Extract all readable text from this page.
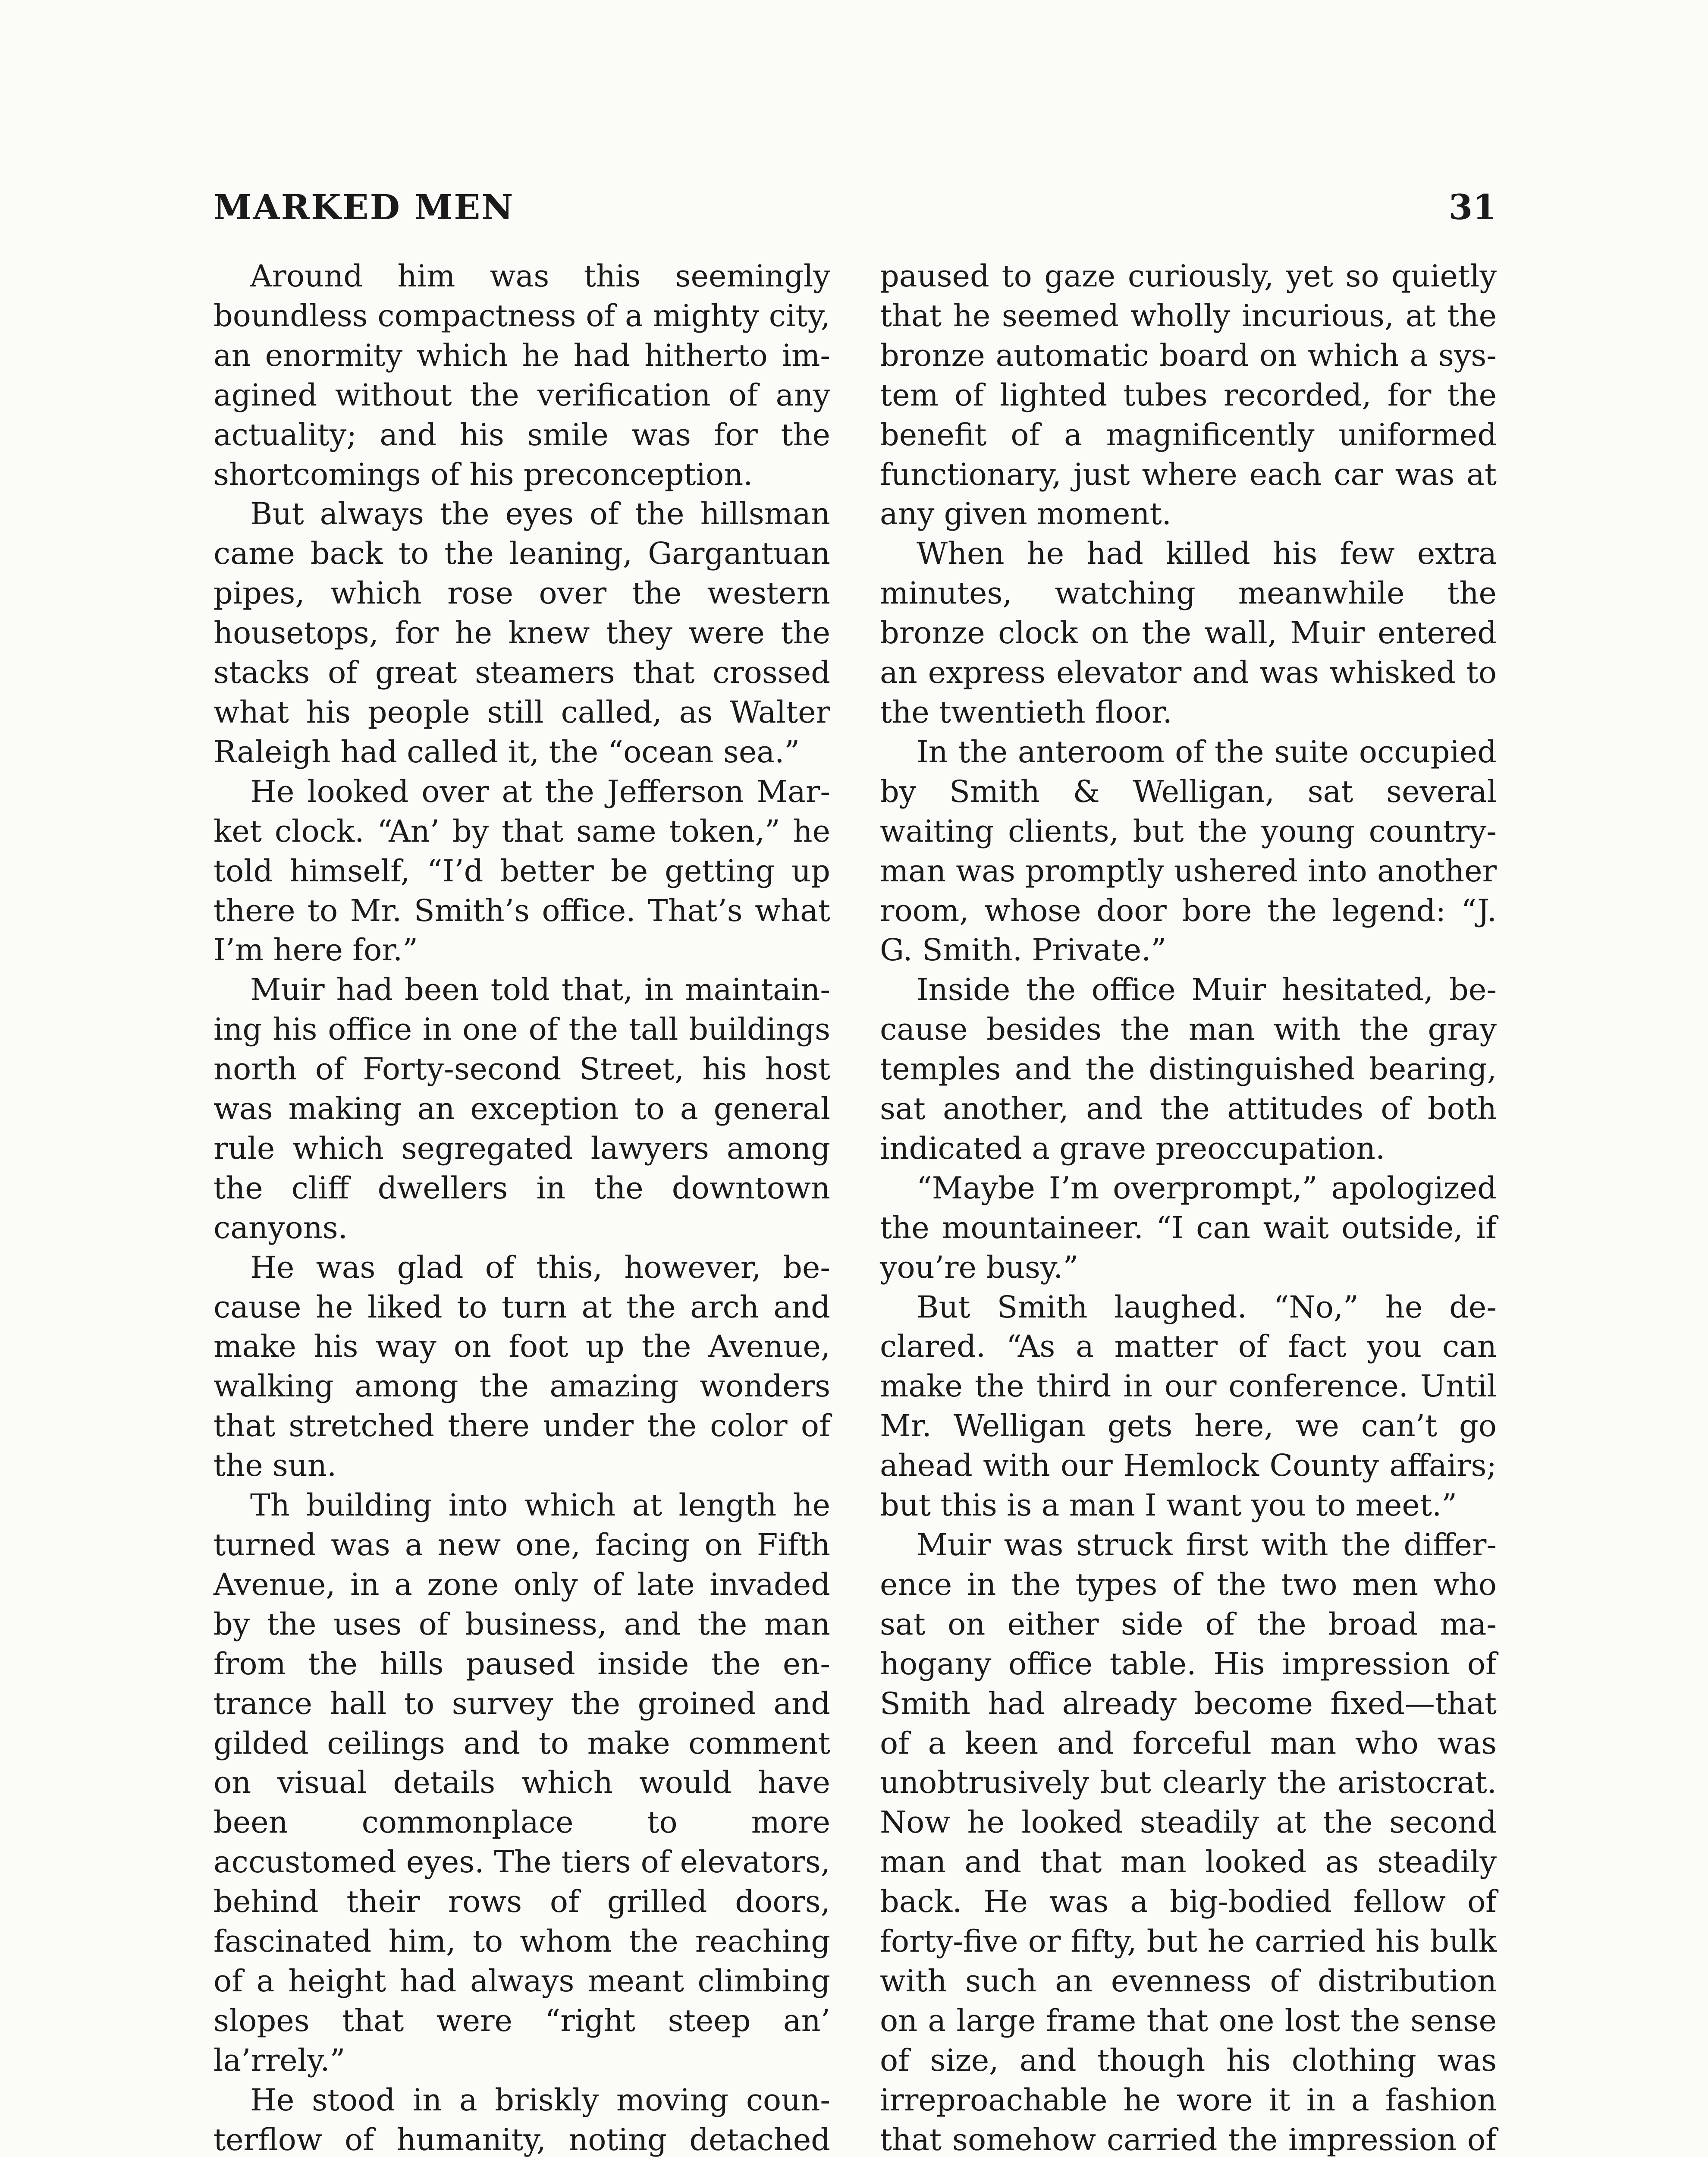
MARKED MEN	31

Around him was this seemingly boundless compactness of a mighty city, an enormity which he had hitherto imagined without the verification of any actuality; and his smile was for the shortcomings of his preconception.

But always the eyes of the hillsman came back to the leaning, Gargantuan pipes, which rose over the western housetops, for he knew they were the stacks of great steamers that crossed what his people still called, as Walter Raleigh had called it, the “ocean sea.”

He looked over at the Jefferson Market clock. “An’ by that same token,” he told himself, “I’d better be getting up there to Mr. Smith’s office. That’s what I’m here for.”

Muir had been told that, in maintaining his office in one of the tall buildings north of Forty-second Street, his host was making an exception to a general rule which segregated lawyers among the cliff dwellers in the downtown canyons.

He was glad of this, however, because he liked to turn at the arch and make his way on foot up the Avenue, walking among the amazing wonders that stretched there under the color of the sun.

Th building into which at length he turned was a new one, facing on Fifth Avenue, in a zone only of late invaded by the uses of business, and the man from the hills paused inside the entrance hall to survey the groined and gilded ceilings and to make comment on visual details which would have been commonplace to more accustomed eyes. The tiers of elevators, behind their rows of grilled doors, fascinated him, to whom the reaching of a height had always meant climbing slopes that were “right steep an’ la’rrely.”

He stood in a briskly moving counterflow of humanity, noting detached

paused to gaze curiously, yet so quietly that he seemed wholly incurious, at the bronze automatic board on which a system of lighted tubes recorded, for the benefit of a magnificently uniformed functionary, just where each car was at any given moment.

When he had killed his few extra minutes, watching meanwhile the bronze clock on the wall, Muir entered an express elevator and was whisked to the twentieth floor.

In the anteroom of the suite occupied by Smith & Welligan, sat several waiting clients, but the young countryman was promptly ushered into another room, whose door bore the legend: “J. G. Smith. Private.”

Inside the office Muir hesitated, because besides the man with the gray temples and the distinguished bearing, sat another, and the attitudes of both indicated a grave preoccupation.

“Maybe I’m overprompt,” apologized the mountaineer. “I can wait outside, if you’re busy.”

But Smith laughed. “No,” he declared. “As a matter of fact you can make the third in our conference. Until Mr. Welligan gets here, we can’t go ahead with our Hemlock County affairs; but this is a man I want you to meet.”

Muir was struck first with the difference in the types of the two men who sat on either side of the broad mahogany office table. His impression of Smith had already become fixed—that of a keen and forceful man who was unobtrusively but clearly the aristocrat. Now he looked steadily at the second man and that man looked as steadily back. He was a big-bodied fellow of forty-five or fifty, but he carried his bulk with such an evenness of distribution on a large frame that one lost the sense of size, and though his clothing was irreproachable he wore it in a fashion that somehow carried the impression of
